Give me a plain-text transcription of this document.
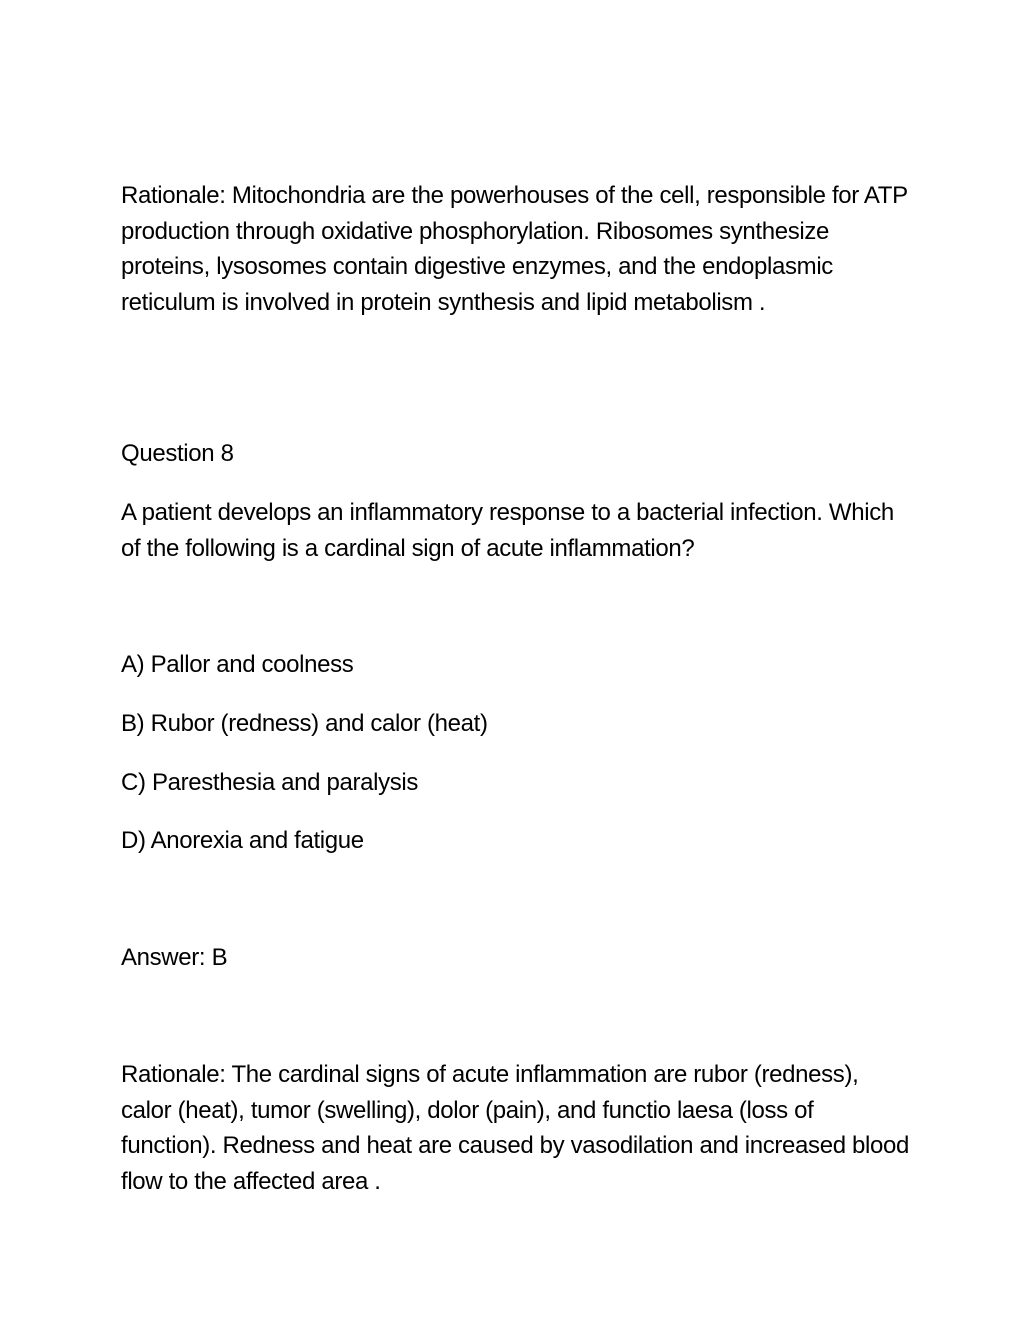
Rationale: Mitochondria are the powerhouses of the cell, responsible for ATP production through oxidative phosphorylation. Ribosomes synthesize proteins, lysosomes contain digestive enzymes, and the endoplasmic reticulum is involved in protein synthesis and lipid metabolism .

Question 8

A patient develops an inflammatory response to a bacterial infection. Which of the following is a cardinal sign of acute inflammation?

A) Pallor and coolness

B) Rubor (redness) and calor (heat)

C) Paresthesia and paralysis

D) Anorexia and fatigue

Answer: B

Rationale: The cardinal signs of acute inflammation are rubor (redness), calor (heat), tumor (swelling), dolor (pain), and functio laesa (loss of function). Redness and heat are caused by vasodilation and increased blood flow to the affected area .
